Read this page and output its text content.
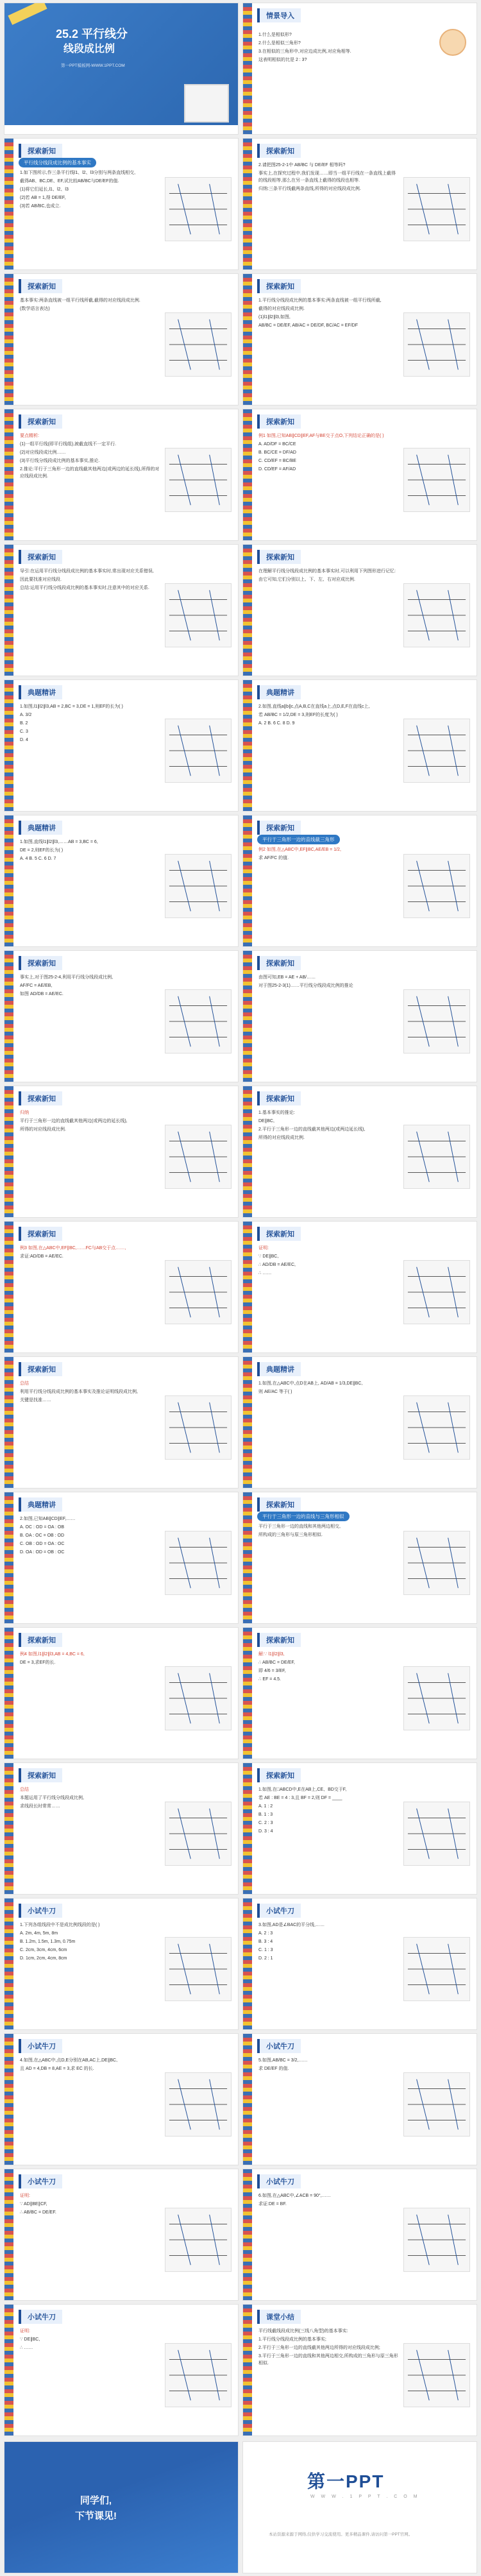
25.2 平行线分
线段成比例
第一PPT模板网-WWW.1PPT.COM
情景导入

1.什么是相似形?

2.什么是相似三角形?

3.在相似的三角形中,对应边成比例,对应角相等.

这表明相似的比是 2 : 3?

探索新知
平行线分线段成比例的基本事实

1.如下图所示,作三条平行线l1、l2、l3分别与两条直线相交,

截得AB、BC,DE、EF,试比较AB/BC与DE/EF的值.

(1)将它们延长,l1、l2、l3

(2)若 AB = 1,得 DE/EF,

(3)若 AB/BC,也成立.

探索新知

2.请把图25-2-1中 AB/BC 与 DE/EF 相等吗?

事实上,在探究过程中,我们发现……即当一组平行线在一条直线上截得的线段相等,那么在另一条直线上截得的线段也相等.

归纳:三条平行线截两条直线,所得的对应线段成比例.

探索新知

基本事实:两条直线被一组平行线所截,截得的对应线段成比例.

(数学语言表达)

探索新知

1.平行线分线段成比例的基本事实:两条直线被一组平行线所截,

截得的对应线段成比例.

(1)l1∥l2∥l3,如图,

AB/BC = DE/EF, AB/AC = DE/DF, BC/AC = EF/DF

探索新知

要点精析:

(1)一组平行线(即平行线组),被截直线不一定平行.

(2)对应线段成比例……

(3)平行线分线段成比例的基本事实,推论.

2.推论:平行于三角形一边的直线截其他两边(或两边的延长线),所得的对应线段成比例.

探索新知

例1 如图,已知AB∥CD∥EF,AF与BE交于点O,下列结论正确的是( )

A. AD/DF = BC/CE

B. BC/CE = DF/AD

C. CD/EF = BC/BE

D. CD/EF = AF/AD

探索新知

导引:在运用平行线分线段成比例的基本事实时,常出现对应关系错误,

因此要找准对应线段.

总结:运用平行线分线段成比例的基本事实时,注意其中的对应关系.

探索新知

在理解平行线分线段成比例的基本事实时,可以利用下列图形进行记忆:

由它可知,它们分别以上、下、左、右对应成比例.

典题精讲

1.如图,l1∥l2∥l3,AB = 2,BC = 3,DE = 1,则EF的长为( )

A. 3/2

B. 2

C. 3

D. 4

典题精讲

2.如图,直线a∥b∥c,点A,B,C在直线a上,点D,E,F在直线c上,

若 AB/BC = 1/2,DE = 3,则EF的长度为( )

A. 2 B. 6 C. 8 D. 9

典题精讲

1.如图,直线l1∥l2∥l3,……AB = 3,BC = 6,

DE = 2,则EF的长为( )

A. 4 B. 5 C. 6 D. 7

探索新知
平行于三角形一边的直线截三角形

例2 如图,在△ABC中,EF∥BC,AE/EB = 1/2,

求 AF/FC 的值.

探索新知

事实上,对于图25-2-4,利用平行线分线段成比例,

AF/FC = AE/EB,

如图 AD/DB = AE/EC.

探索新知

由图可知,EB = AE + AB/……

对于图25-2-3(1)……平行线分线段成比例的推论

探索新知

归纳

平行于三角形一边的直线截其他两边(或两边的延长线),

所得的对应线段成比例.

探索新知

1.基本事实的推论:

DE∥BC,

2.平行于三角形一边的直线截其他两边(或两边延长线),

所得的对应线段成比例.

探索新知

例3 如图,在△ABC中,EF∥BC,……FC与AB交于点……,

求证:AD/DB = AE/EC.

探索新知

证明:

∵ DE∥BC,

∴ AD/DB = AE/EC,

∴ ……

探索新知

总结

利用平行线分线段成比例的基本事实及推论证明线段成比例,

关键是找准……

典题精讲

1.如图,在△ABC中,点D在AB上, AD/AB = 1/3,DE∥BC,

则 AE/AC 等于( )

典题精讲

2.如图,已知AB∥CD∥EF,……

A. OC : OD = OA : OB

B. OA : OC = OB : OD

C. OB : OD = OA : OC

D. OA : OD = OB : OC

探索新知
平行于三角形一边的直线与三角形相似

平行于三角形一边的直线和其他两边相交,

所构成的三角形与原三角形相似.

探索新知

例4 如图,l1∥l2∥l3,AB = 4,BC = 6,

DE = 3,求EF的长.

探索新知

解:∵ l1∥l2∥l3,

∴ AB/BC = DE/EF,

即 4/6 = 3/EF,

∴ EF = 4.5.

探索新知

总结

本题运用了平行线分线段成比例,

求线段长时常常……

探索新知

1.如图,在□ABCD中,E在AB上,CE、BD交于F,

若 AE : BE = 4 : 3,且 BF = 2,则 DF = ____

A. 1 : 2

B. 1 : 3

C. 2 : 3

D. 3 : 4

小试牛刀

1.下列各组线段中不是成比例线段的是( )

A. 2m, 4m, 5m, 8m

B. 1.2m, 1.5m, 1.3m, 0.75m

C. 2cm, 3cm, 4cm, 6cm

D. 1cm, 2cm, 4cm, 8cm

小试牛刀

3.如图,AD是∠BAC的平分线,……

A. 2 : 3

B. 3 : 4

C. 1 : 3

D. 2 : 1

小试牛刀

4.如图,在△ABC中,点D,E分别在AB,AC上,DE∥BC,

且 AD = 4,DB = 8,AE = 3,求 EC 的长.

小试牛刀

5.如图,AB/BC = 3/2,……

求 DE/EF 的值.

小试牛刀

证明:

∵ AD∥BE∥CF,

∴ AB/BC = DE/EF.

小试牛刀

6.如图,在△ABC中,∠ACB = 90°,……

求证:DE = BF.

小试牛刀

证明:

∵ DE∥BC,

∴ ……

课堂小结

平行线截线段成比例(三线八角型)的基本事实:

1.平行线分线段成比例的基本事实;

2.平行于三角形一边的直线截其他两边所得的对应线段成比例;

3.平行于三角形一边的直线和其他两边相交,所构成的三角形与原三角形相似.

同学们,
下节课见!
第一PPT
W W W . 1 P P T . C O M
本站资源来源于网络,仅供学习交流使用。更多精品课件,请访问第一PPT官网。
